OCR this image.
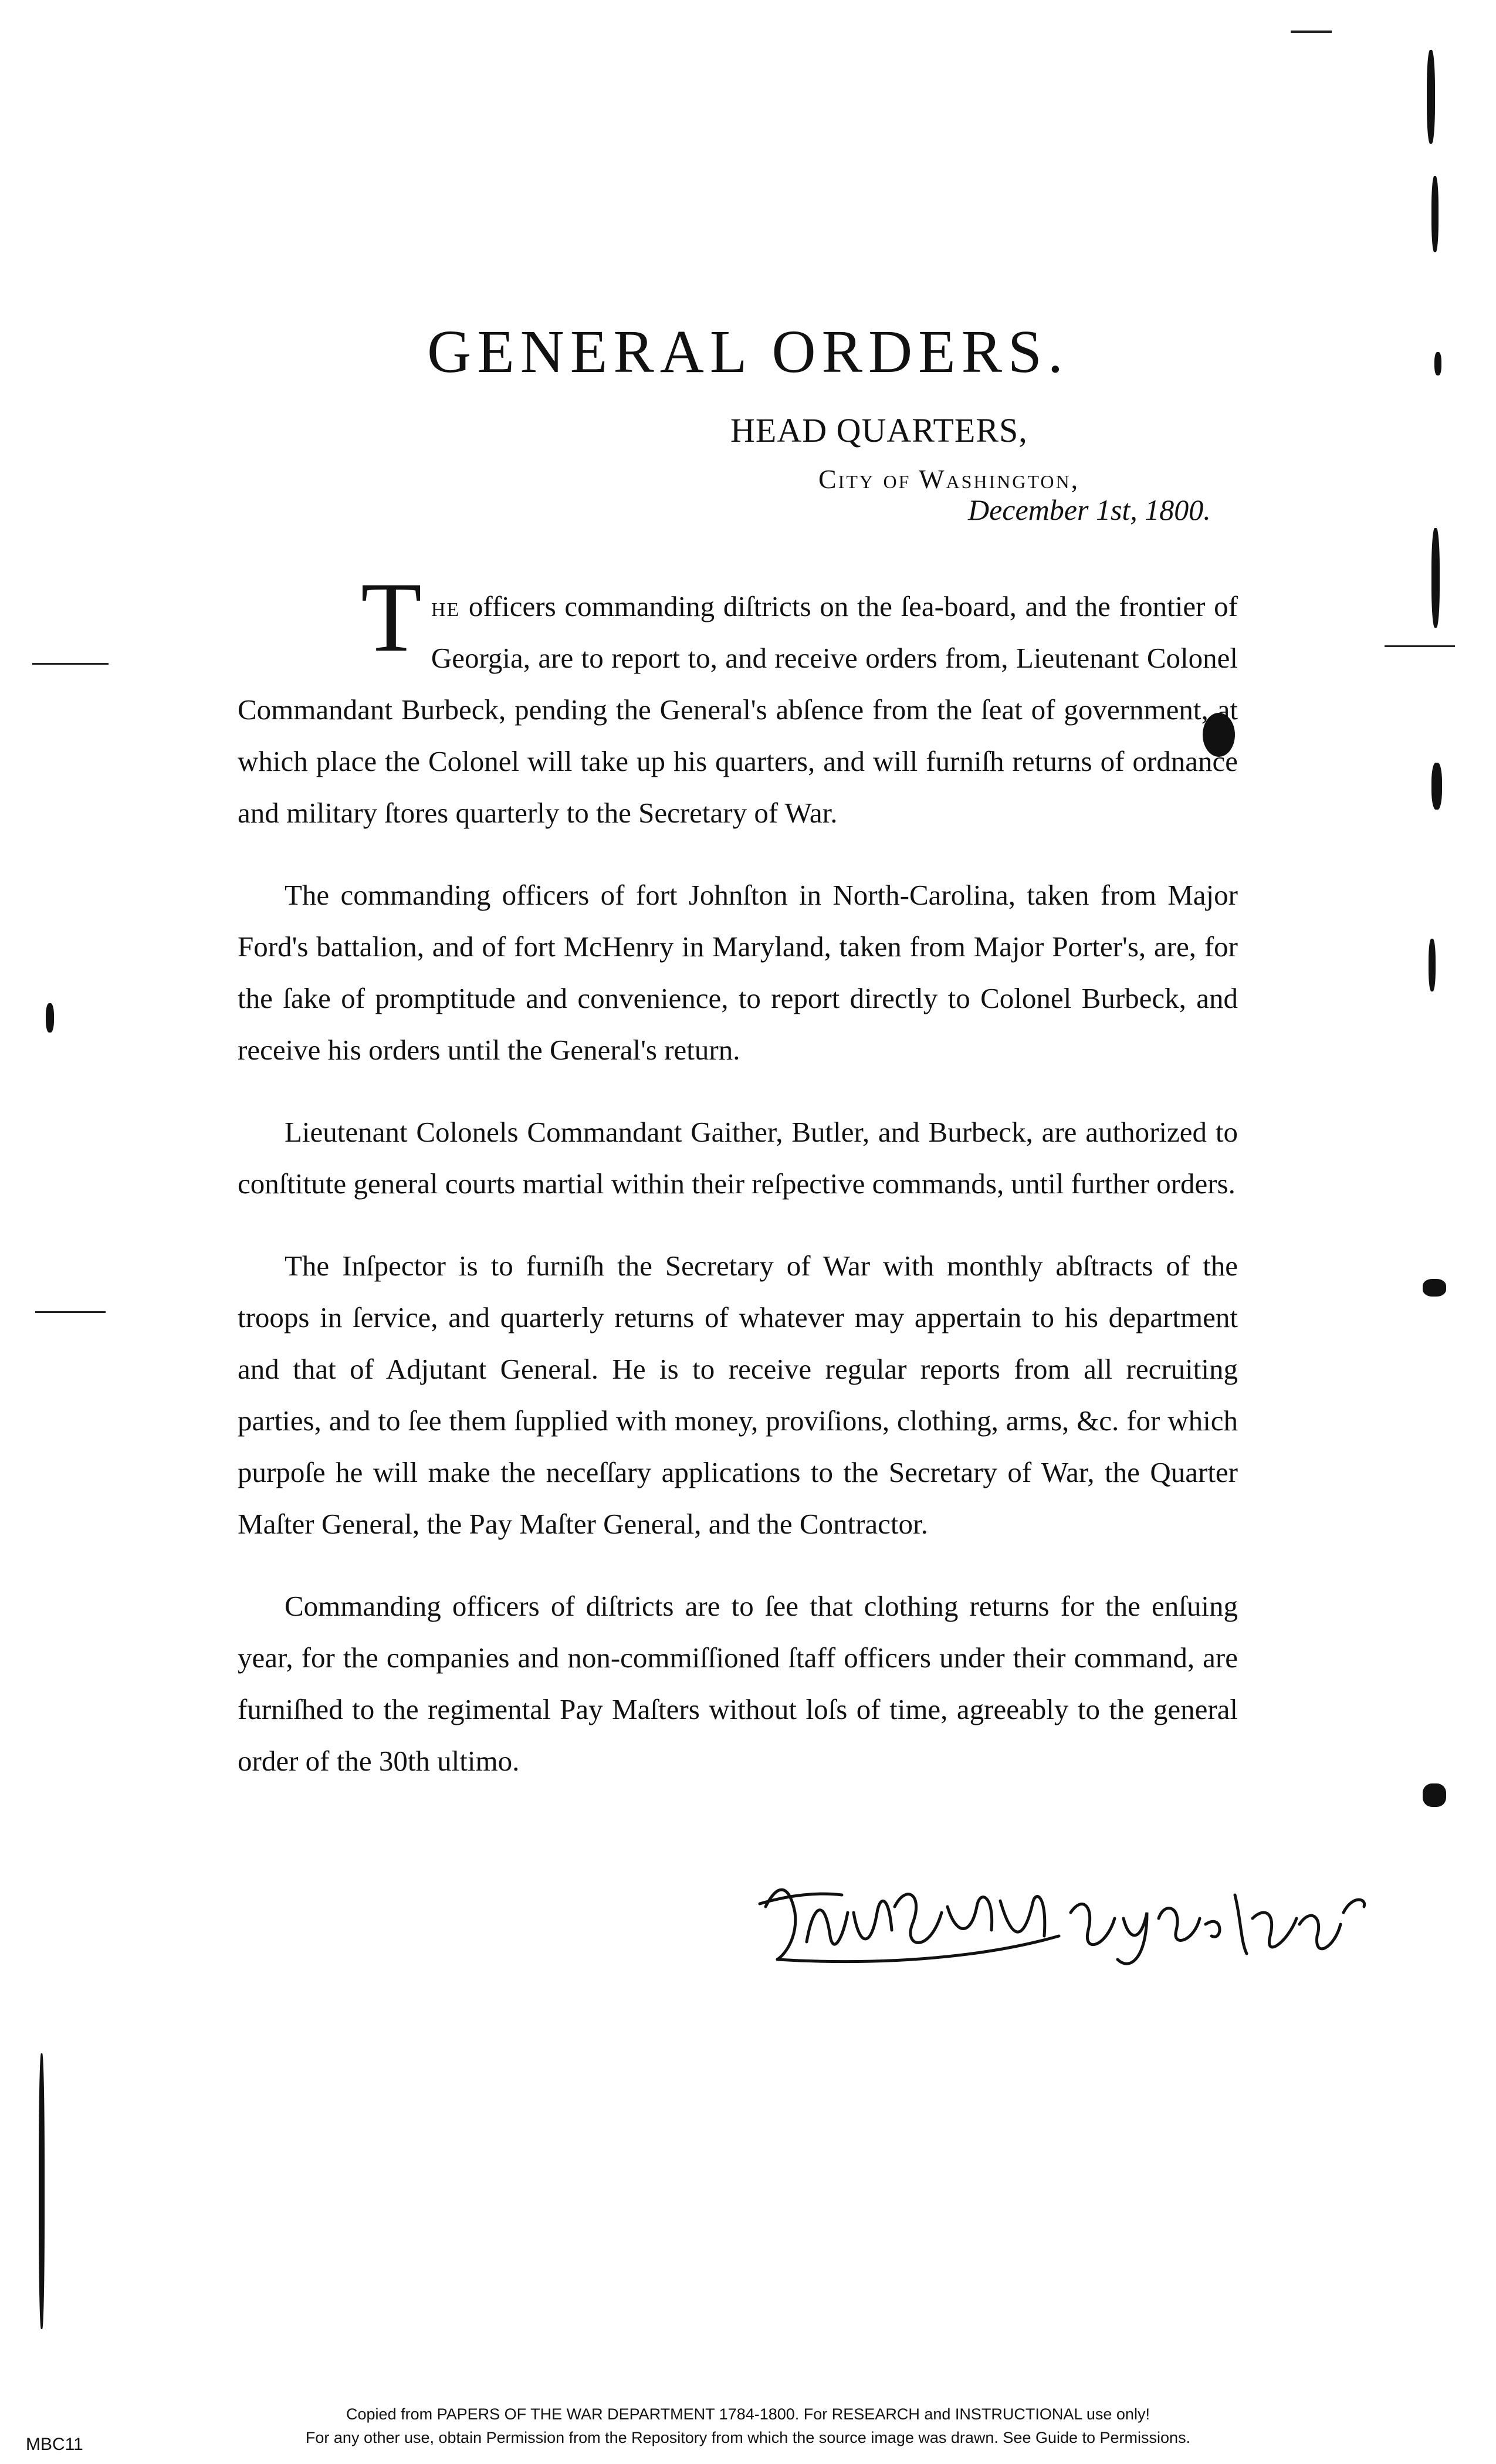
GENERAL ORDERS.
HEAD QUARTERS,
City of Washington,
December 1st, 1800.

T he officers commanding diſtricts on the ſea-board, and the frontier of Georgia, are to report to, and receive orders from, Lieutenant Colonel Commandant Burbeck, pending the General's abſence from the ſeat of government, at which place the Colonel will take up his quarters, and will furniſh returns of ordnance and military ſtores quarterly to the Secretary of War.

The commanding officers of fort Johnſton in North-Carolina, taken from Major Ford's battalion, and of fort McHenry in Maryland, taken from Major Porter's, are, for the ſake of promptitude and convenience, to report directly to Colonel Burbeck, and receive his orders until the General's return.

Lieutenant Colonels Commandant Gaither, Butler, and Burbeck, are authorized to conſtitute general courts martial within their reſpective commands, until further orders.

The Inſpector is to furniſh the Secretary of War with monthly abſtracts of the troops in ſervice, and quarterly returns of whatever may appertain to his department and that of Adjutant General. He is to receive regular reports from all recruiting parties, and to ſee them ſupplied with money, proviſions, clothing, arms, &c. for which purpoſe he will make the neceſſary applications to the Secretary of War, the Quarter Maſter General, the Pay Maſter General, and the Contractor.

Commanding officers of diſtricts are to ſee that clothing returns for the enſuing year, for the companies and non-commiſſioned ſtaff officers under their command, are furniſhed to the regimental Pay Maſters without loſs of time, agreeably to the general order of the 30th ultimo.

Copied from PAPERS OF THE WAR DEPARTMENT 1784-1800. For RESEARCH and INSTRUCTIONAL use only!
For any other use, obtain Permission from the Repository from which the source image was drawn. See Guide to Permissions.
MBC11
